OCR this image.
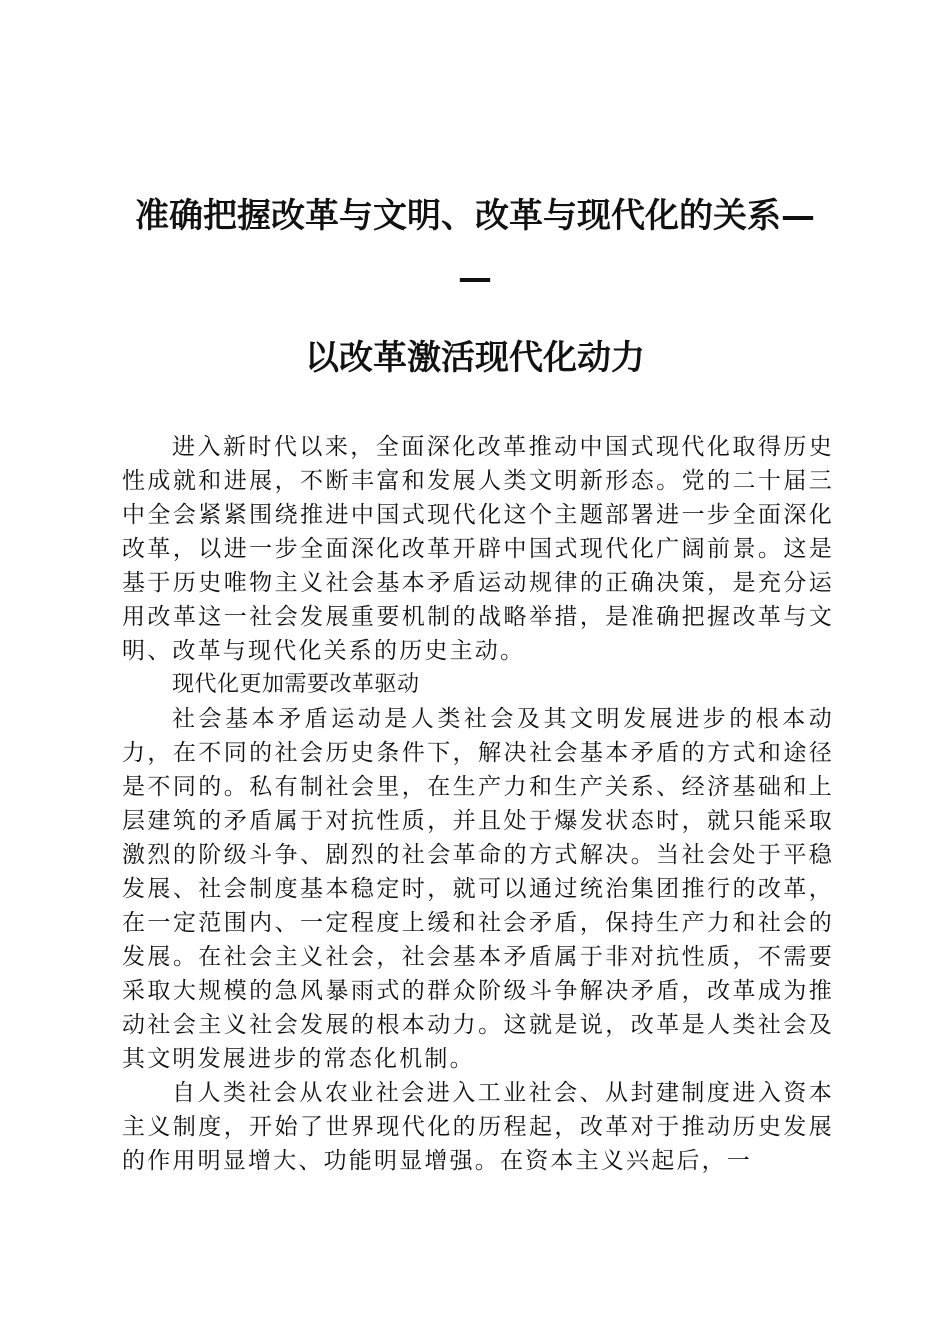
准确把握改革与文明、改革与现代化的关系—
—
以改革激活现代化动力

进入新时代以来，全面深化改革推动中国式现代化取得历史性成就和进展，不断丰富和发展人类文明新形态。党的二十届三中全会紧紧围绕推进中国式现代化这个主题部署进一步全面深化改革，以进一步全面深化改革开辟中国式现代化广阔前景。这是基于历史唯物主义社会基本矛盾运动规律的正确决策，是充分运用改革这一社会发展重要机制的战略举措，是准确把握改革与文明、改革与现代化关系的历史主动。

现代化更加需要改革驱动

社会基本矛盾运动是人类社会及其文明发展进步的根本动力，在不同的社会历史条件下，解决社会基本矛盾的方式和途径是不同的。私有制社会里，在生产力和生产关系、经济基础和上层建筑的矛盾属于对抗性质，并且处于爆发状态时，就只能采取激烈的阶级斗争、剧烈的社会革命的方式解决。当社会处于平稳发展、社会制度基本稳定时，就可以通过统治集团推行的改革，在一定范围内、一定程度上缓和社会矛盾，保持生产力和社会的发展。在社会主义社会，社会基本矛盾属于非对抗性质，不需要采取大规模的急风暴雨式的群众阶级斗争解决矛盾，改革成为推动社会主义社会发展的根本动力。这就是说，改革是人类社会及其文明发展进步的常态化机制。

自人类社会从农业社会进入工业社会、从封建制度进入资本主义制度，开始了世界现代化的历程起，改革对于推动历史发展的作用明显增大、功能明显增强。在资本主义兴起后，一
